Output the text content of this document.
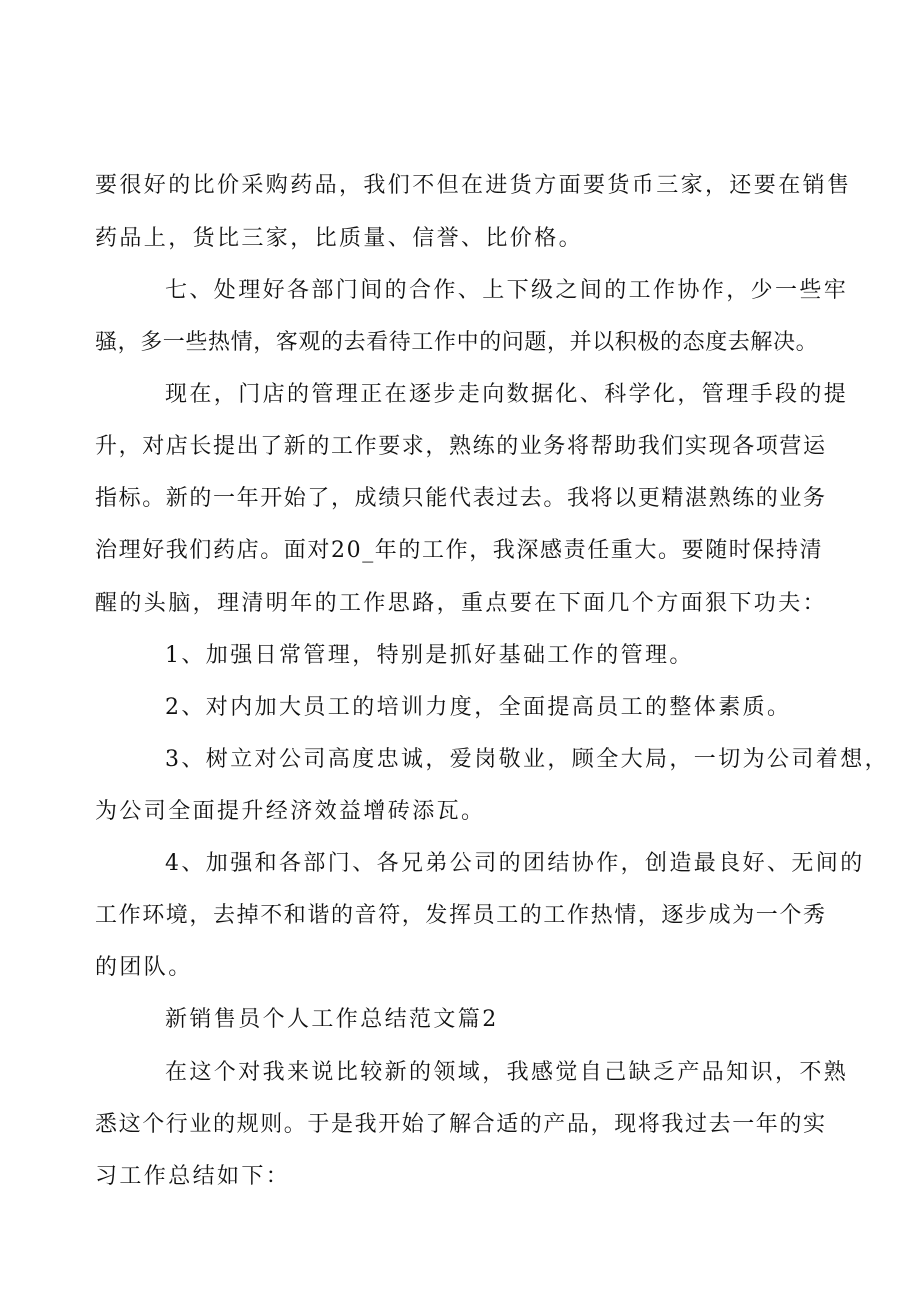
要很好的比价采购药品，我们不但在进货方面要货币三家，还要在销售
药品上，货比三家，比质量、信誉、比价格。
七、处理好各部门间的合作、上下级之间的工作协作，少一些牢
骚，多一些热情，客观的去看待工作中的问题，并以积极的态度去解决。
现在，门店的管理正在逐步走向数据化、科学化，管理手段的提
升，对店长提出了新的工作要求，熟练的业务将帮助我们实现各项营运
指标。新的一年开始了，成绩只能代表过去。我将以更精湛熟练的业务
治理好我们药店。面对20_年的工作，我深感责任重大。要随时保持清
醒的头脑，理清明年的工作思路，重点要在下面几个方面狠下功夫：
1、加强日常管理，特别是抓好基础工作的管理。
2、对内加大员工的培训力度，全面提高员工的整体素质。
3、树立对公司高度忠诚，爱岗敬业，顾全大局，一切为公司着想，
为公司全面提升经济效益增砖添瓦。
4、加强和各部门、各兄弟公司的团结协作，创造最良好、无间的
工作环境，去掉不和谐的音符，发挥员工的工作热情，逐步成为一个秀
的团队。
新销售员个人工作总结范文篇2
在这个对我来说比较新的领域，我感觉自己缺乏产品知识，不熟
悉这个行业的规则。于是我开始了解合适的产品，现将我过去一年的实
习工作总结如下：
